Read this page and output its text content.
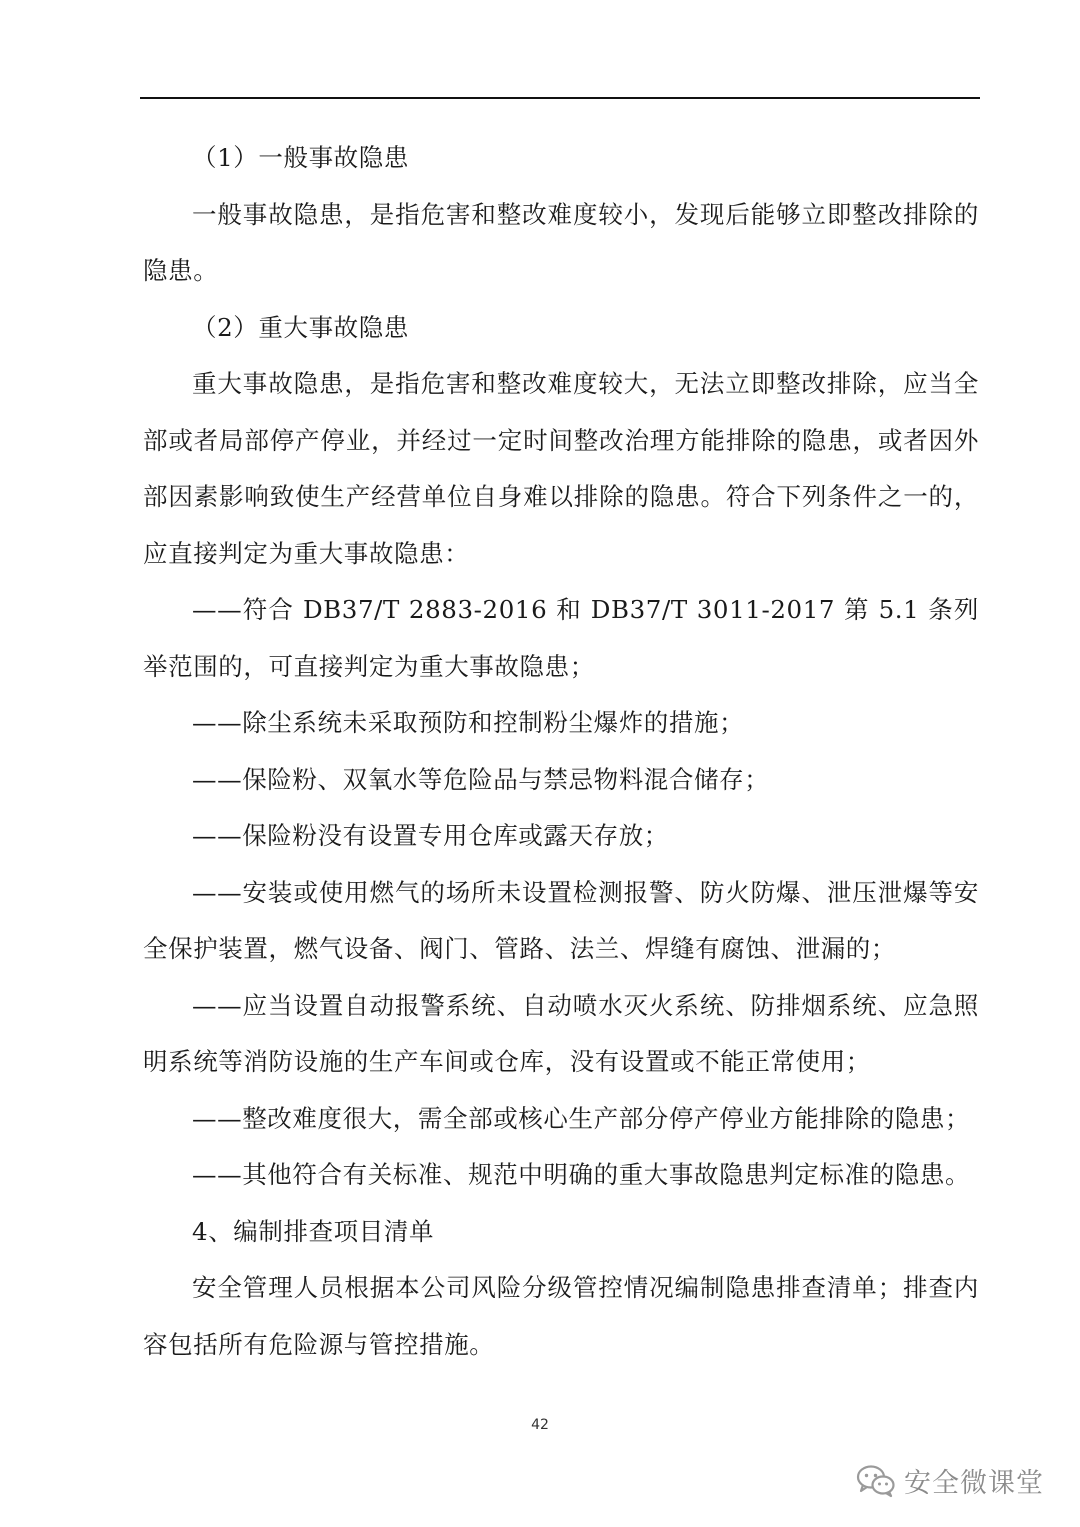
（1）一般事故隐患

一般事故隐患，是指危害和整改难度较小，发现后能够立即整改排除的隐患。

（2）重大事故隐患

重大事故隐患，是指危害和整改难度较大，无法立即整改排除，应当全部或者局部停产停业，并经过一定时间整改治理方能排除的隐患，或者因外部因素影响致使生产经营单位自身难以排除的隐患。符合下列条件之一的，应直接判定为重大事故隐患：

——符合 DB37/T 2883-2016 和 DB37/T 3011-2017 第 5.1 条列举范围的，可直接判定为重大事故隐患；

——除尘系统未采取预防和控制粉尘爆炸的措施；

——保险粉、双氧水等危险品与禁忌物料混合储存；

——保险粉没有设置专用仓库或露天存放；

——安装或使用燃气的场所未设置检测报警、防火防爆、泄压泄爆等安全保护装置，燃气设备、阀门、管路、法兰、焊缝有腐蚀、泄漏的；

——应当设置自动报警系统、自动喷水灭火系统、防排烟系统、应急照明系统等消防设施的生产车间或仓库，没有设置或不能正常使用；

——整改难度很大，需全部或核心生产部分停产停业方能排除的隐患；

——其他符合有关标准、规范中明确的重大事故隐患判定标准的隐患。

4、编制排查项目清单

安全管理人员根据本公司风险分级管控情况编制隐患排查清单；排查内容包括所有危险源与管控措施。

42
安全微课堂
